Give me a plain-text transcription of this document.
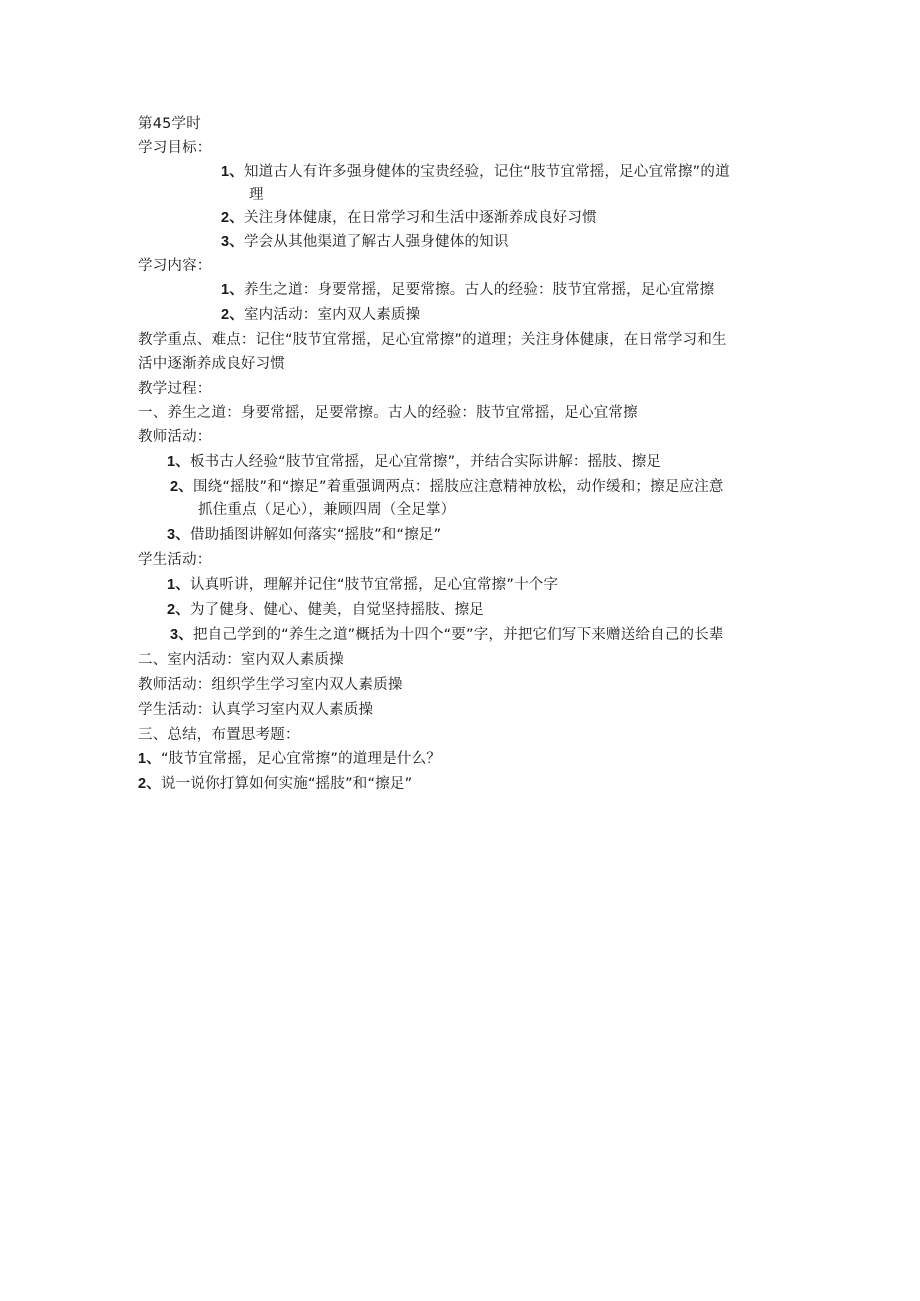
第45学时
学习目标：
1、知道古人有许多强身健体的宝贵经验，记住“肢节宜常摇，足心宜常擦”的道
理
2、关注身体健康，在日常学习和生活中逐渐养成良好习惯
3、学会从其他渠道了解古人强身健体的知识
学习内容：
1、养生之道：身要常摇，足要常擦。古人的经验：肢节宜常摇，足心宜常擦
2、室内活动：室内双人素质操
教学重点、难点：记住“肢节宜常摇，足心宜常擦”的道理；关注身体健康，在日常学习和生
活中逐渐养成良好习惯
教学过程：
一、养生之道：身要常摇，足要常擦。古人的经验：肢节宜常摇，足心宜常擦
教师活动：
1、板书古人经验“肢节宜常摇，足心宜常擦”，并结合实际讲解：摇肢、擦足
2、围绕“摇肢”和“擦足”着重强调两点：摇肢应注意精神放松，动作缓和；擦足应注意
抓住重点（足心），兼顾四周（全足掌）
3、借助插图讲解如何落实“摇肢”和“擦足”
学生活动：
1、认真听讲，理解并记住“肢节宜常摇，足心宜常擦”十个字
2、为了健身、健心、健美，自觉坚持摇肢、擦足
3、把自己学到的“养生之道”概括为十四个“要”字，并把它们写下来赠送给自己的长辈
二、室内活动：室内双人素质操
教师活动：组织学生学习室内双人素质操
学生活动：认真学习室内双人素质操
三、总结，布置思考题：
1、“肢节宜常摇，足心宜常擦”的道理是什么？
2、说一说你打算如何实施“摇肢”和“擦足”
